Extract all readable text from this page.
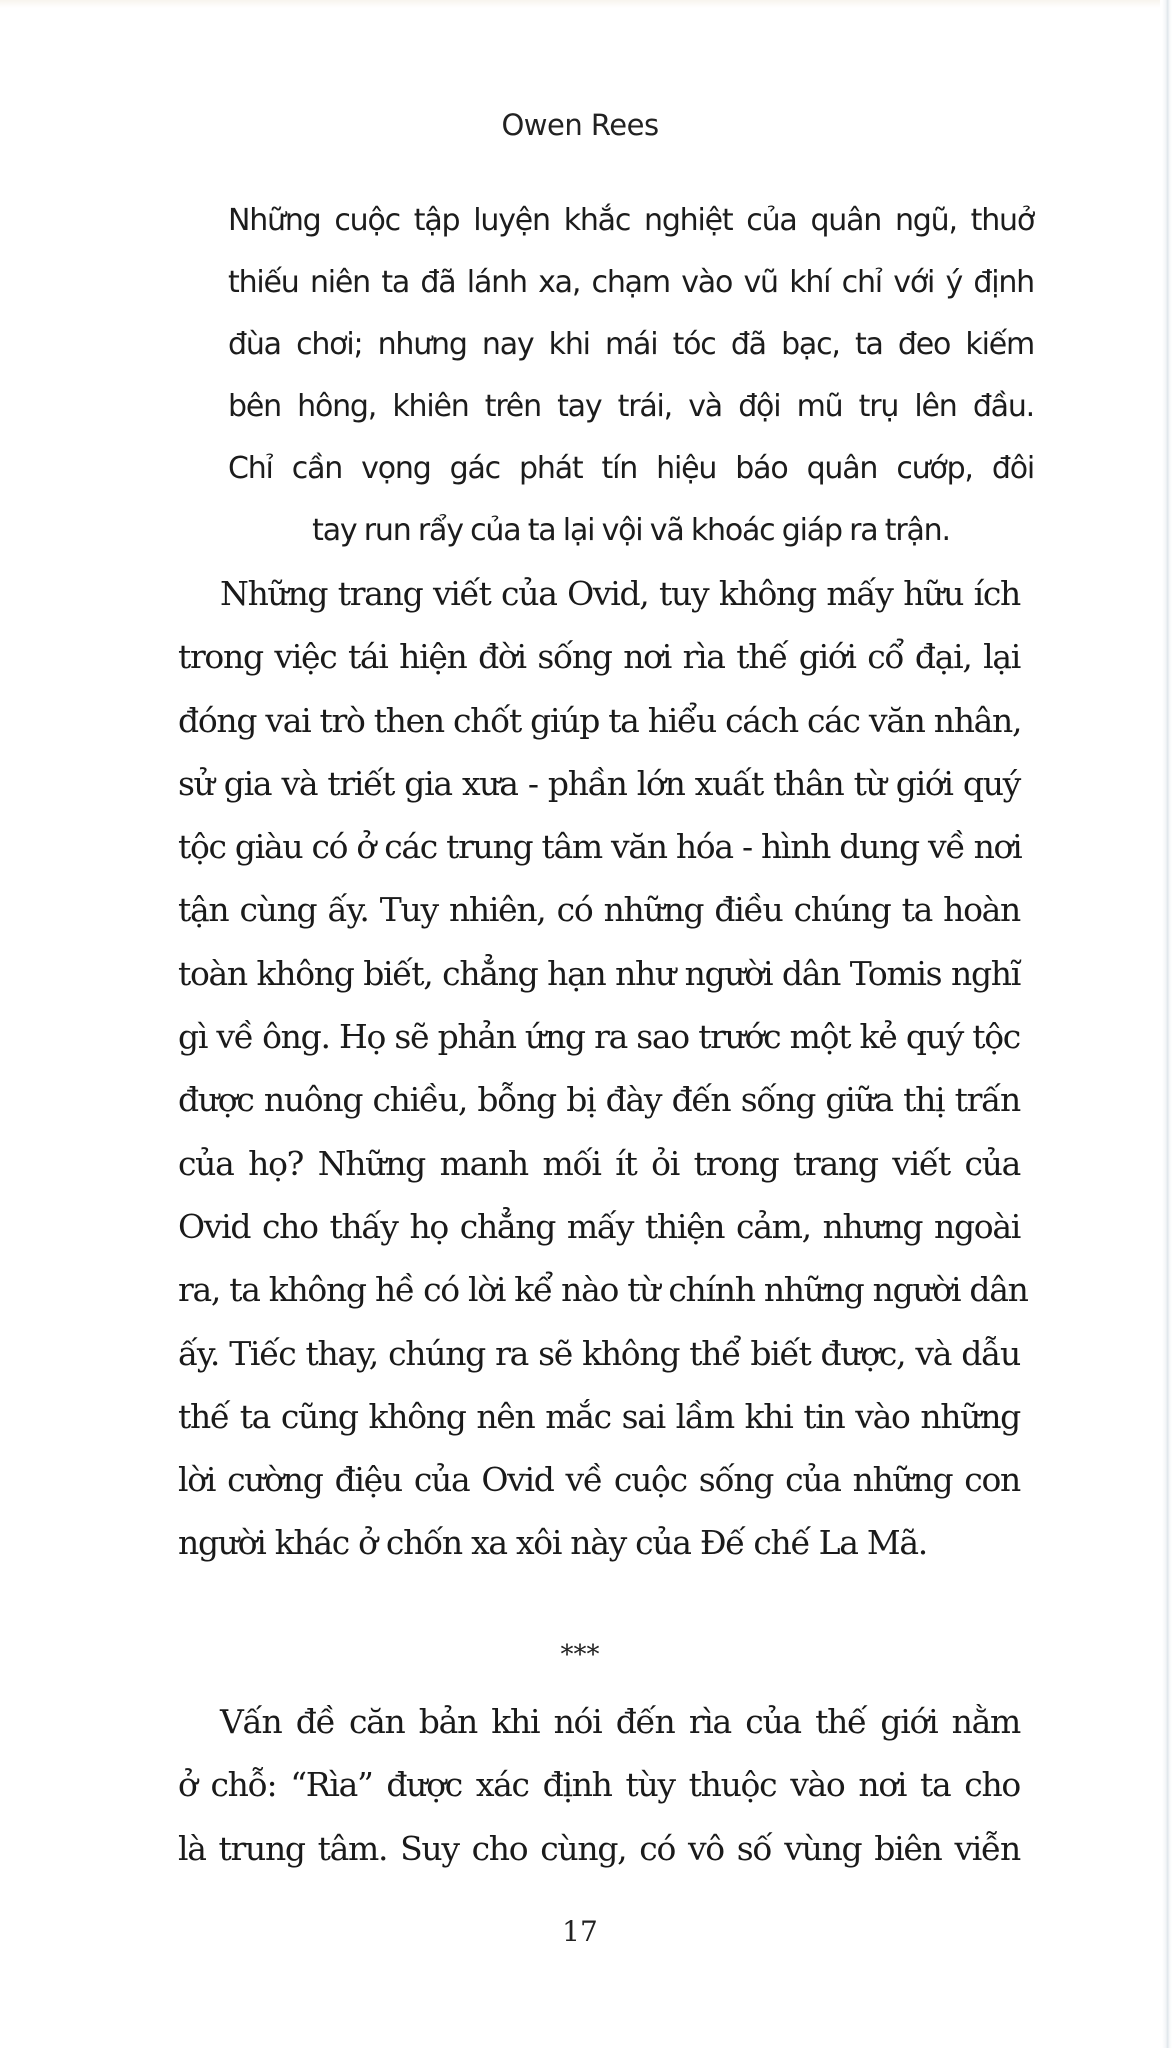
Owen Rees
Những cuộc tập luyện khắc nghiệt của quân ngũ, thuở
thiếu niên ta đã lánh xa, chạm vào vũ khí chỉ với ý định
đùa chơi; nhưng nay khi mái tóc đã bạc, ta đeo kiếm
bên hông, khiên trên tay trái, và đội mũ trụ lên đầu.
Chỉ cần vọng gác phát tín hiệu báo quân cướp, đôi
tay run rẩy của ta lại vội vã khoác giáp ra trận.
Những trang viết của Ovid, tuy không mấy hữu ích
trong việc tái hiện đời sống nơi rìa thế giới cổ đại, lại
đóng vai trò then chốt giúp ta hiểu cách các văn nhân,
sử gia và triết gia xưa - phần lớn xuất thân từ giới quý
tộc giàu có ở các trung tâm văn hóa - hình dung về nơi
tận cùng ấy. Tuy nhiên, có những điều chúng ta hoàn
toàn không biết, chẳng hạn như người dân Tomis nghĩ
gì về ông. Họ sẽ phản ứng ra sao trước một kẻ quý tộc
được nuông chiều, bỗng bị đày đến sống giữa thị trấn
của họ? Những manh mối ít ỏi trong trang viết của
Ovid cho thấy họ chẳng mấy thiện cảm, nhưng ngoài
ra, ta không hề có lời kể nào từ chính những người dân
ấy. Tiếc thay, chúng ra sẽ không thể biết được, và dẫu
thế ta cũng không nên mắc sai lầm khi tin vào những
lời cường điệu của Ovid về cuộc sống của những con
người khác ở chốn xa xôi này của Đế chế La Mã.
***
Vấn đề căn bản khi nói đến rìa của thế giới nằm
ở chỗ: “Rìa” được xác định tùy thuộc vào nơi ta cho
là trung tâm. Suy cho cùng, có vô số vùng biên viễn
17
